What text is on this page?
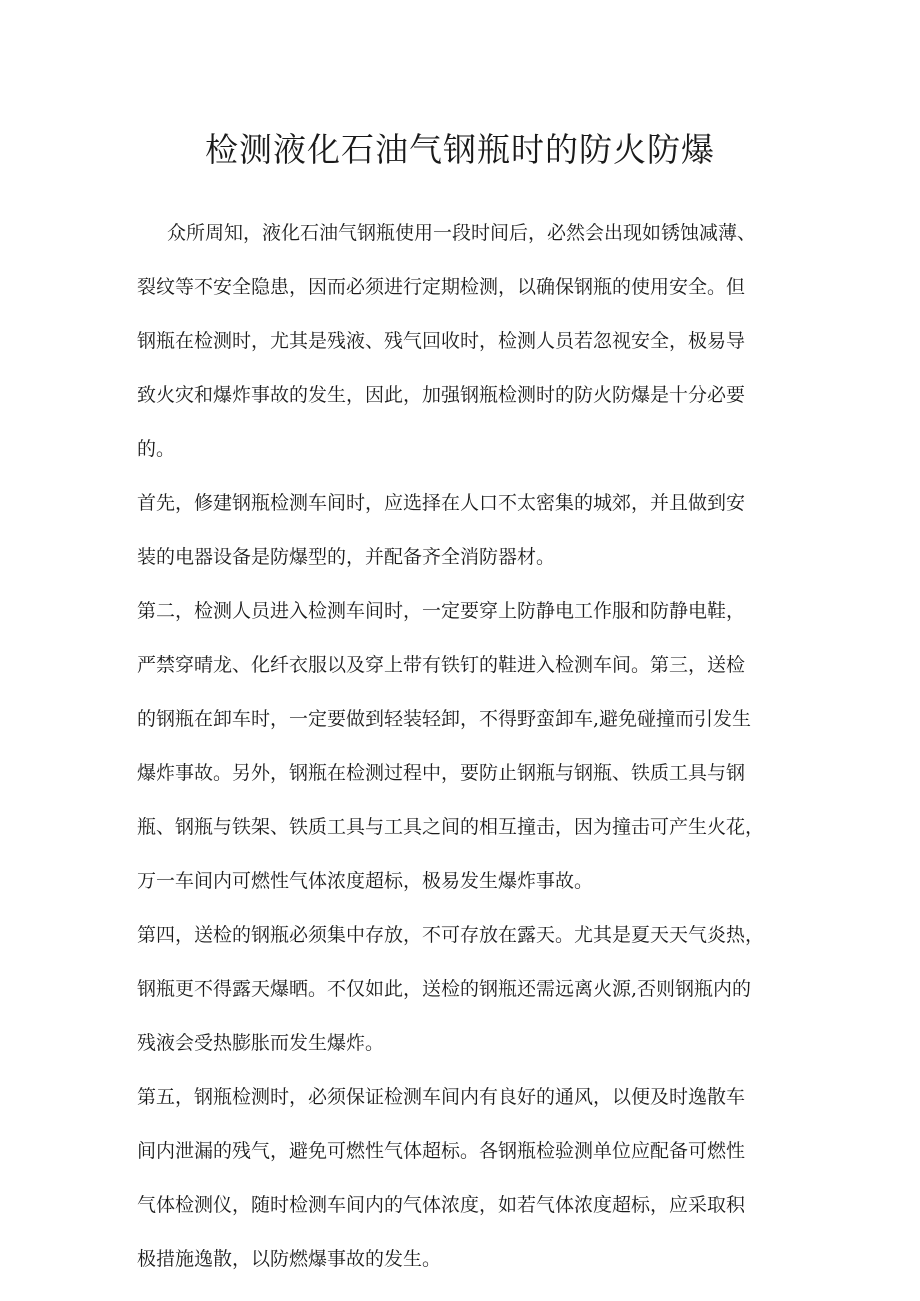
检测液化石油气钢瓶时的防火防爆

众所周知，液化石油气钢瓶使用一段时间后，必然会出现如锈蚀减薄、

裂纹等不安全隐患，因而必须进行定期检测，以确保钢瓶的使用安全。但

钢瓶在检测时，尤其是残液、残气回收时，检测人员若忽视安全，极易导

致火灾和爆炸事故的发生，因此，加强钢瓶检测时的防火防爆是十分必要

的。

首先，修建钢瓶检测车间时，应选择在人口不太密集的城郊，并且做到安

装的电器设备是防爆型的，并配备齐全消防器材。

第二，检测人员进入检测车间时，一定要穿上防静电工作服和防静电鞋，

严禁穿晴龙、化纤衣服以及穿上带有铁钉的鞋进入检测车间。第三，送检

的钢瓶在卸车时，一定要做到轻装轻卸，不得野蛮卸车,避免碰撞而引发生

爆炸事故。另外，钢瓶在检测过程中，要防止钢瓶与钢瓶、铁质工具与钢

瓶、钢瓶与铁架、铁质工具与工具之间的相互撞击，因为撞击可产生火花，

万一车间内可燃性气体浓度超标，极易发生爆炸事故。

第四，送检的钢瓶必须集中存放，不可存放在露天。尤其是夏天天气炎热，

钢瓶更不得露天爆晒。不仅如此，送检的钢瓶还需远离火源,否则钢瓶内的

残液会受热膨胀而发生爆炸。

第五，钢瓶检测时，必须保证检测车间内有良好的通风，以便及时逸散车

间内泄漏的残气，避免可燃性气体超标。各钢瓶检验测单位应配备可燃性

气体检测仪，随时检测车间内的气体浓度，如若气体浓度超标，应采取积

极措施逸散，以防燃爆事故的发生。
